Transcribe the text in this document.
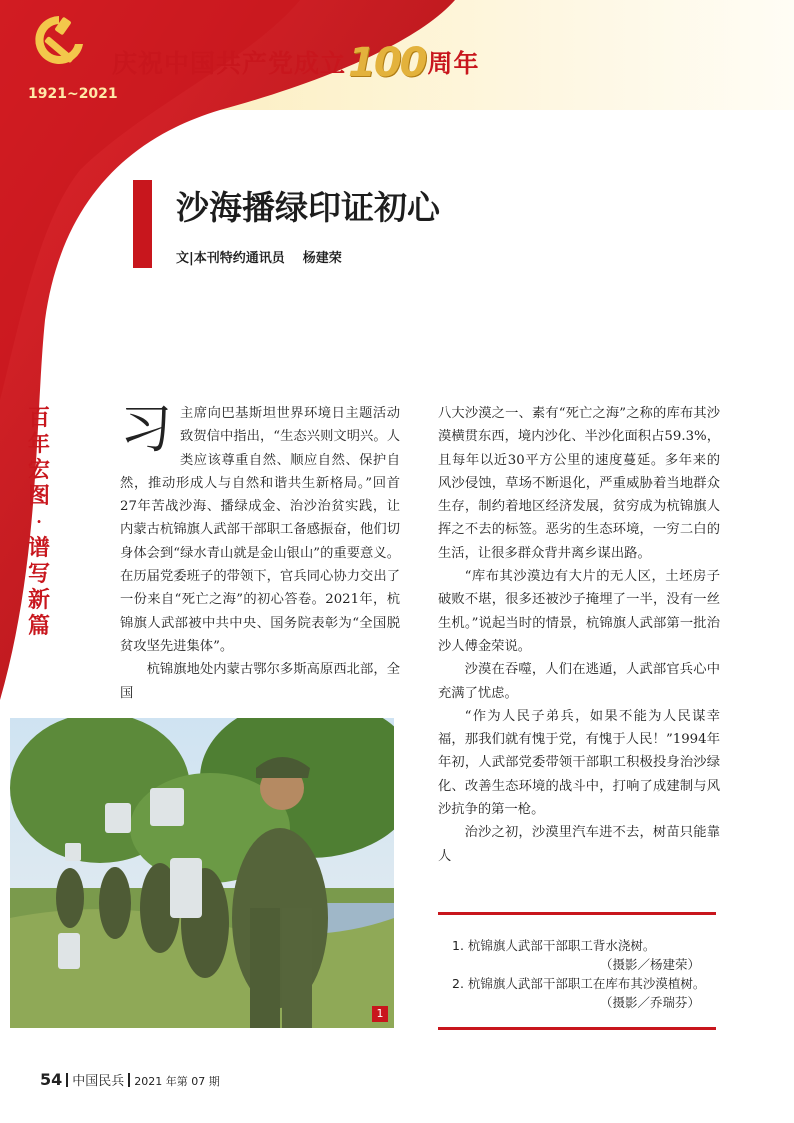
庆祝中国共产党成立100周年
1921~2021
百
年
宏
图
·
谱
写
新
篇
沙海播绿印证初心
文|本刊特约通讯员 杨建荣

习主席向巴基斯坦世界环境日主题活动致贺信中指出，“生态兴则文明兴。人类应该尊重自然、顺应自然、保护自然，推动形成人与自然和谐共生新格局。”回首27年苦战沙海、播绿成金、治沙治贫实践，让内蒙古杭锦旗人武部干部职工备感振奋，他们切身体会到“绿水青山就是金山银山”的重要意义。在历届党委班子的带领下，官兵同心协力交出了一份来自“死亡之海”的初心答卷。2021年，杭锦旗人武部被中共中央、国务院表彰为“全国脱贫攻坚先进集体”。

杭锦旗地处内蒙古鄂尔多斯高原西北部，全国

八大沙漠之一、素有“死亡之海”之称的库布其沙漠横贯东西，境内沙化、半沙化面积占59.3%，且每年以近30平方公里的速度蔓延。多年来的风沙侵蚀，草场不断退化，严重威胁着当地群众生存，制约着地区经济发展，贫穷成为杭锦旗人挥之不去的标签。恶劣的生态环境，一穷二白的生活，让很多群众背井离乡谋出路。

“库布其沙漠边有大片的无人区，土坯房子破败不堪，很多还被沙子掩埋了一半，没有一丝生机。”说起当时的情景，杭锦旗人武部第一批治沙人傅金荣说。

沙漠在吞噬，人们在逃遁，人武部官兵心中充满了忧虑。

“作为人民子弟兵，如果不能为人民谋幸福，那我们就有愧于党，有愧于人民！”1994年年初，人武部党委带领干部职工积极投身治沙绿化、改善生态环境的战斗中，打响了成建制与风沙抗争的第一枪。

治沙之初，沙漠里汽车进不去，树苗只能靠人

1
1. 杭锦旗人武部干部职工背水浇树。
（摄影／杨建荣）
2. 杭锦旗人武部干部职工在库布其沙漠植树。
（摄影／乔瑞芬）
54 中国民兵 2021 年第 07 期
